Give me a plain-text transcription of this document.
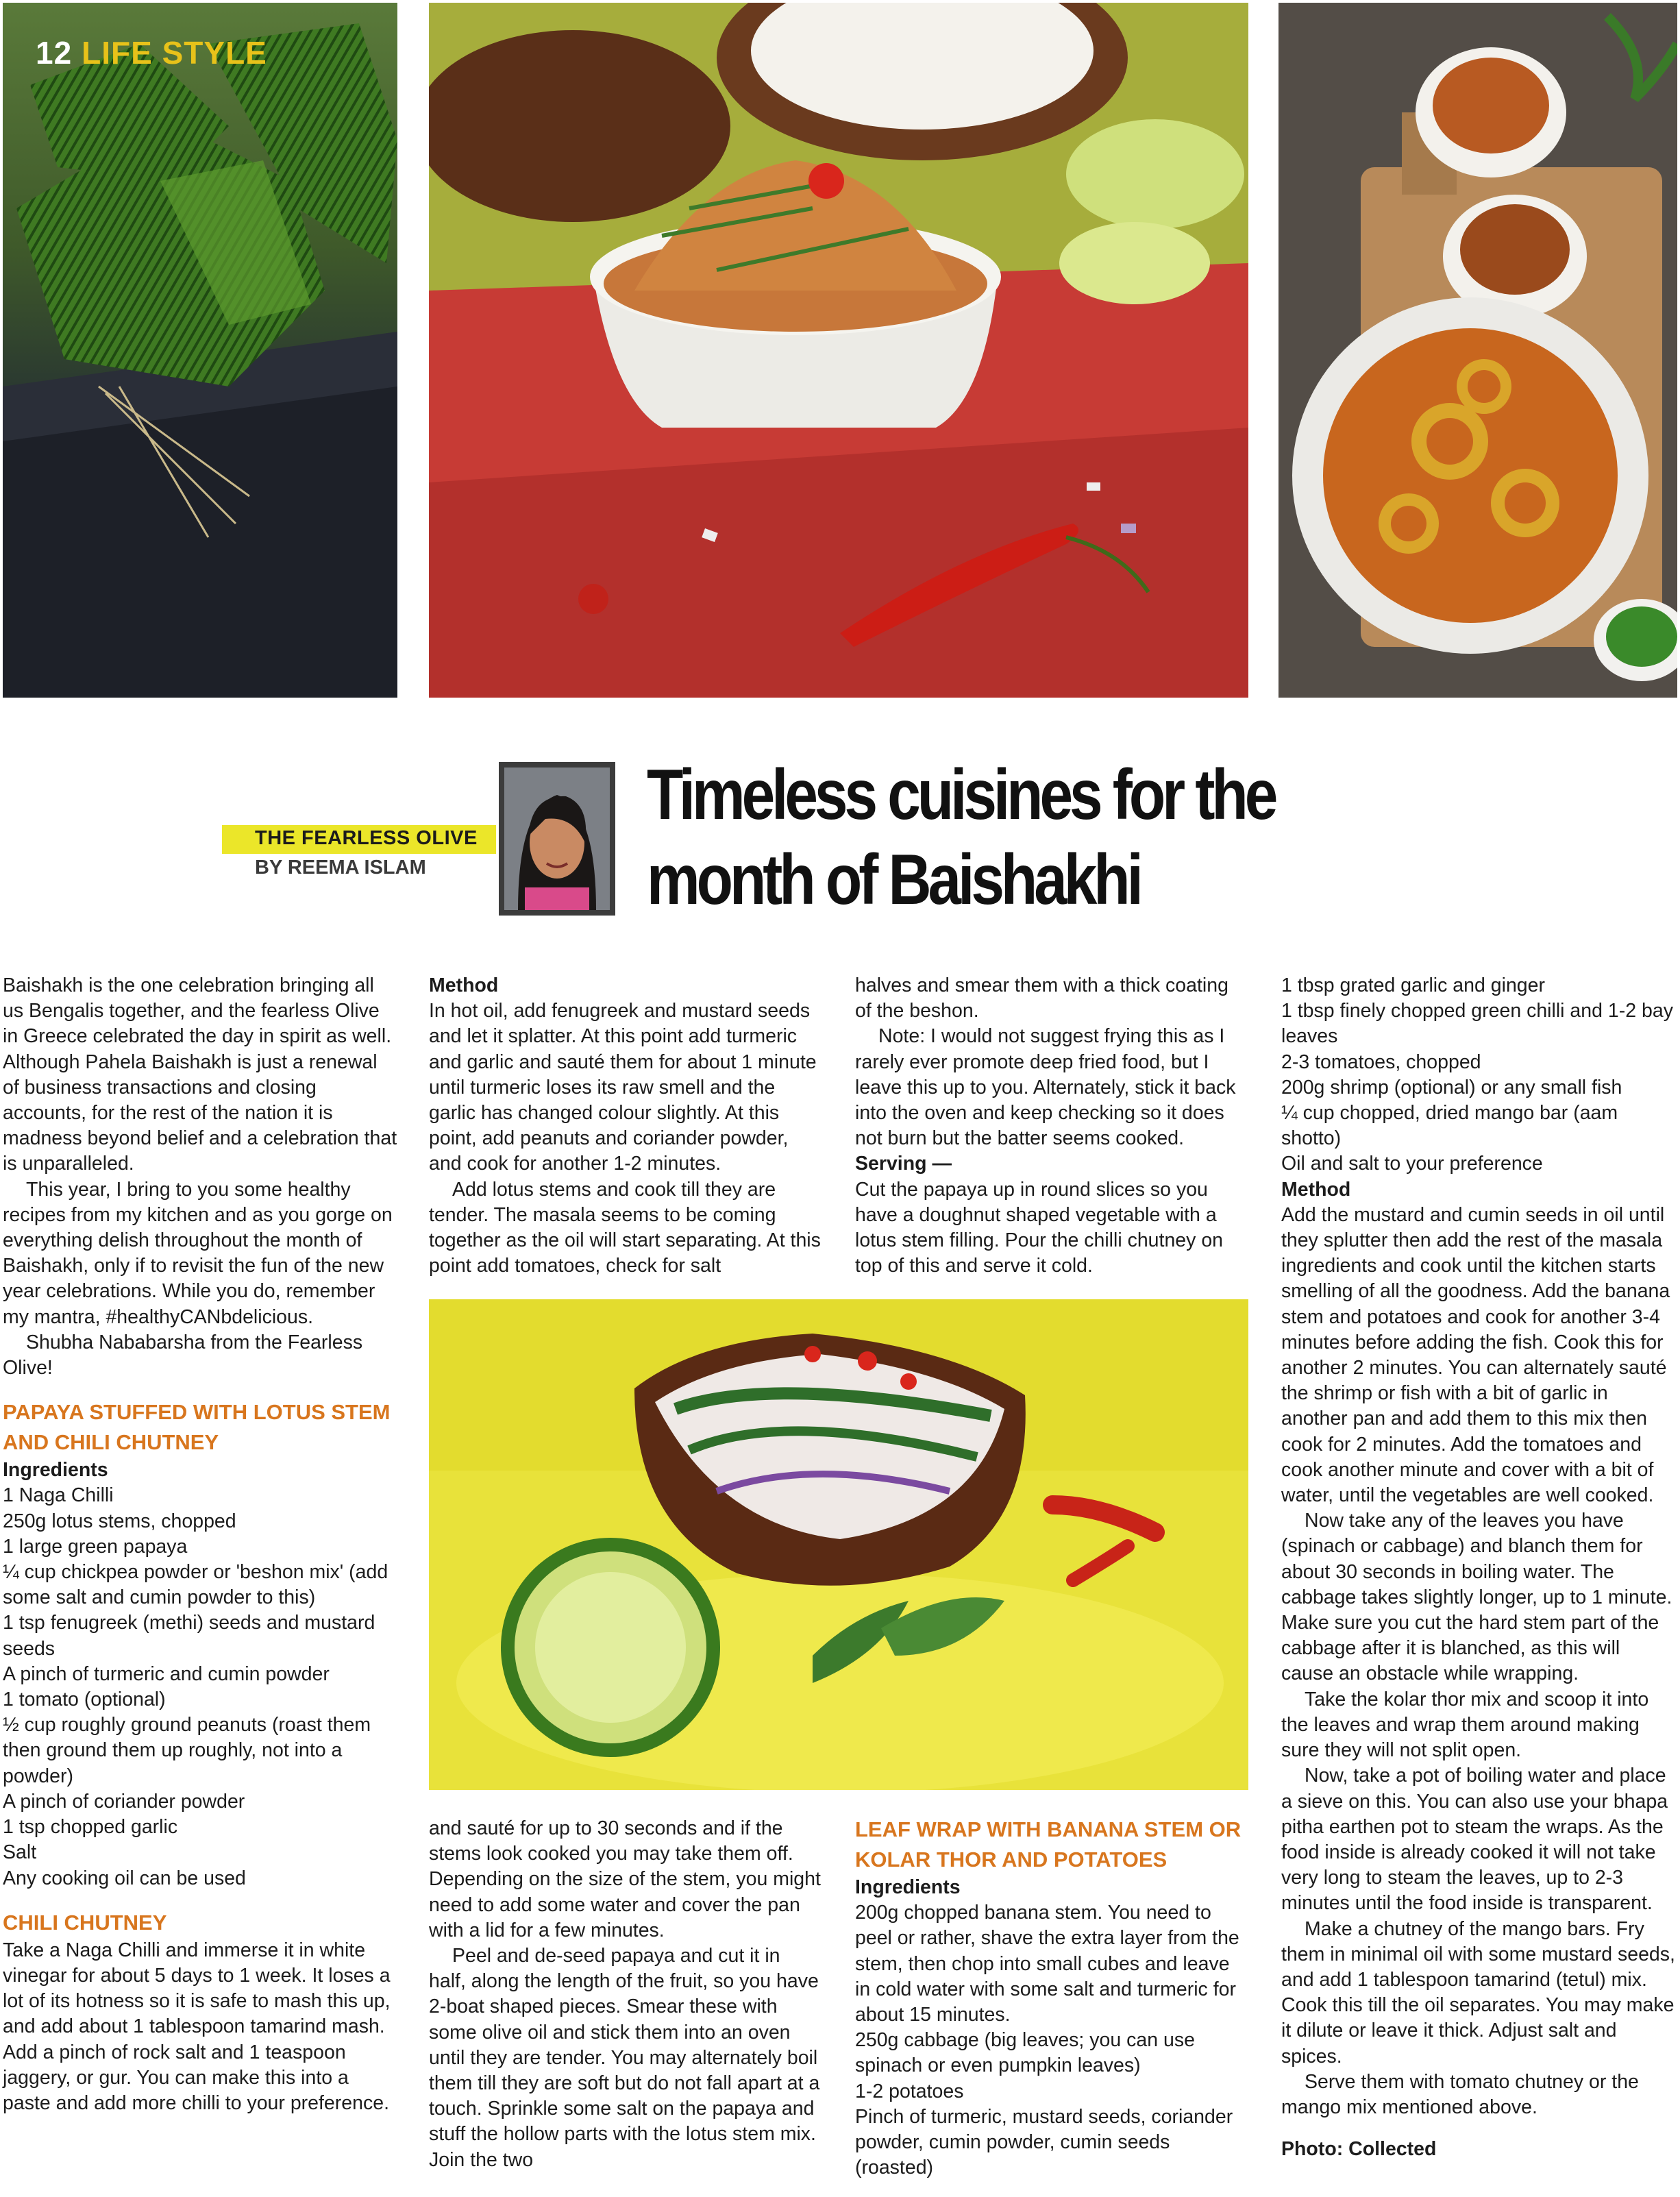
12 LIFE STYLE
THE FEARLESS OLIVE
BY REEMA ISLAM
Timeless cuisines for the month of Baishakhi

Baishakh is the one celebration bringing all us Bengalis together, and the fearless Olive in Greece celebrated the day in spirit as well. Although Pahela Baishakh is just a renewal of business transactions and closing accounts, for the rest of the nation it is madness beyond belief and a celebration that is unparalleled.

This year, I bring to you some healthy recipes from my kitchen and as you gorge on everything delish throughout the month of Baishakh, only if to revisit the fun of the new year celebrations. While you do, remember my mantra, #healthyCANbdelicious.

Shubha Nababarsha from the Fearless Olive!

PAPAYA STUFFED WITH LOTUS STEM AND CHILI CHUTNEY

Ingredients

1 Naga Chilli

250g lotus stems, chopped

1 large green papaya

¼ cup chickpea powder or 'beshon mix' (add some salt and cumin powder to this)

1 tsp fenugreek (methi) seeds and mustard seeds

A pinch of turmeric and cumin powder

1 tomato (optional)

½ cup roughly ground peanuts (roast them then ground them up roughly, not into a powder)

A pinch of coriander powder

1 tsp chopped garlic

Salt

Any cooking oil can be used

CHILI CHUTNEY

Take a Naga Chilli and immerse it in white vinegar for about 5 days to 1 week. It loses a lot of its hotness so it is safe to mash this up, and add about 1 tablespoon tamarind mash. Add a pinch of rock salt and 1 teaspoon jaggery, or gur. You can make this into a paste and add more chilli to your preference.

Method

In hot oil, add fenugreek and mustard seeds and let it splatter. At this point add turmeric and garlic and sauté them for about 1 minute until turmeric loses its raw smell and the garlic has changed colour slightly. At this point, add peanuts and coriander powder, and cook for another 1-2 minutes.

Add lotus stems and cook till they are tender. The masala seems to be coming together as the oil will start separating. At this point add tomatoes, check for salt

and sauté for up to 30 seconds and if the stems look cooked you may take them off. Depending on the size of the stem, you might need to add some water and cover the pan with a lid for a few minutes.

Peel and de-seed papaya and cut it in half, along the length of the fruit, so you have 2-boat shaped pieces. Smear these with some olive oil and stick them into an oven until they are tender. You may alternately boil them till they are soft but do not fall apart at a touch. Sprinkle some salt on the papaya and stuff the hollow parts with the lotus stem mix. Join the two

halves and smear them with a thick coating of the beshon.

Note: I would not suggest frying this as I rarely ever promote deep fried food, but I leave this up to you. Alternately, stick it back into the oven and keep checking so it does not burn but the batter seems cooked.

Serving —

Cut the papaya up in round slices so you have a doughnut shaped vegetable with a lotus stem filling. Pour the chilli chutney on top of this and serve it cold.

LEAF WRAP WITH BANANA STEM OR KOLAR THOR AND POTATOES

Ingredients

200g chopped banana stem. You need to peel or rather, shave the extra layer from the stem, then chop into small cubes and leave in cold water with some salt and turmeric for about 15 minutes.

250g cabbage (big leaves; you can use spinach or even pumpkin leaves)

1-2 potatoes

Pinch of turmeric, mustard seeds, coriander powder, cumin powder, cumin seeds (roasted)

1 tbsp grated garlic and ginger

1 tbsp finely chopped green chilli and 1-2 bay leaves

2-3 tomatoes, chopped

200g shrimp (optional) or any small fish

¼ cup chopped, dried mango bar (aam shotto)

Oil and salt to your preference

Method

Add the mustard and cumin seeds in oil until they splutter then add the rest of the masala ingredients and cook until the kitchen starts smelling of all the goodness. Add the banana stem and potatoes and cook for another 3-4 minutes before adding the fish. Cook this for another 2 minutes. You can alternately sauté the shrimp or fish with a bit of garlic in another pan and add them to this mix then cook for 2 minutes. Add the tomatoes and cook another minute and cover with a bit of water, until the vegetables are well cooked.

Now take any of the leaves you have (spinach or cabbage) and blanch them for about 30 seconds in boiling water. The cabbage takes slightly longer, up to 1 minute. Make sure you cut the hard stem part of the cabbage after it is blanched, as this will cause an obstacle while wrapping.

Take the kolar thor mix and scoop it into the leaves and wrap them around making sure they will not split open.

Now, take a pot of boiling water and place a sieve on this. You can also use your bhapa pitha earthen pot to steam the wraps. As the food inside is already cooked it will not take very long to steam the leaves, up to 2-3 minutes until the food inside is transparent.

Make a chutney of the mango bars. Fry them in minimal oil with some mustard seeds, and add 1 tablespoon tamarind (tetul) mix. Cook this till the oil separates. You may make it dilute or leave it thick. Adjust salt and spices.

Serve them with tomato chutney or the mango mix mentioned above.

Photo: Collected
